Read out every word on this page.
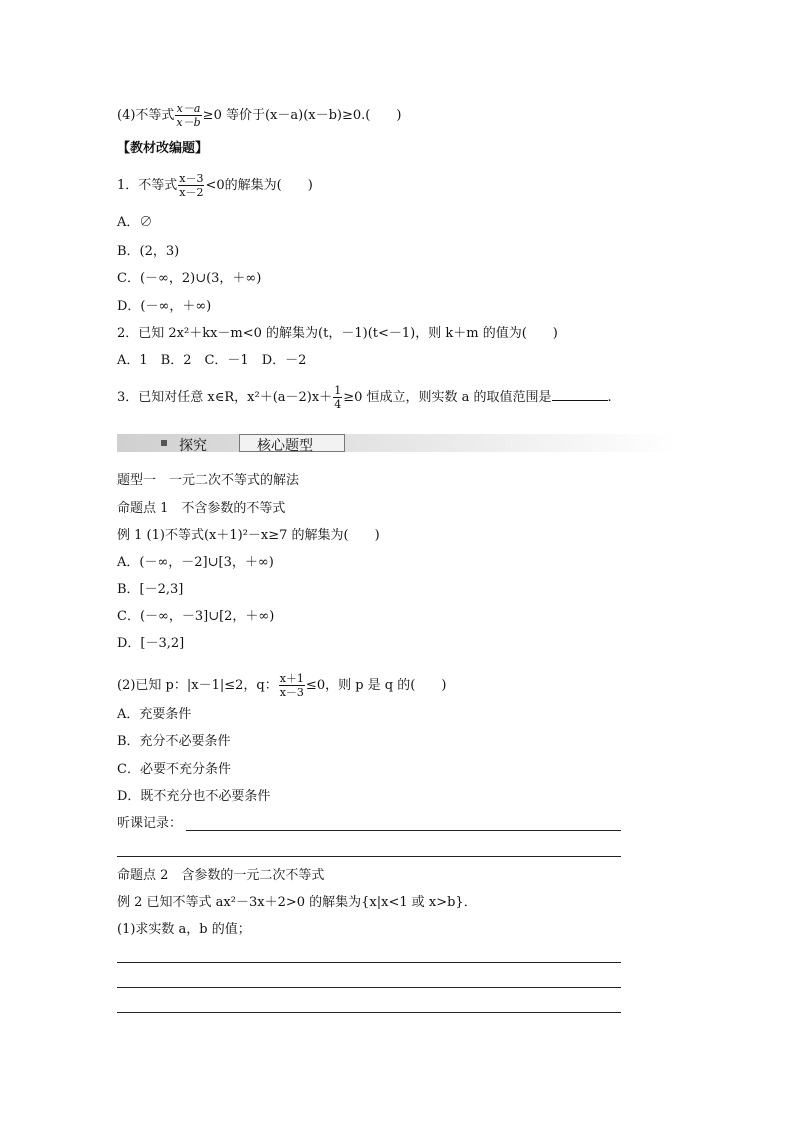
(4)不等式 $\frac{x-a}{x-b} \ge 0$ 等价于(x－a)(x－b)≥0.(　　)
【教材改编题】
1．不等式 $\frac{x-3}{x-2} <0$的解集为(　　)
A．∅
B．(2，3)
C．(－∞，2)∪(3，＋∞)
D．(－∞，＋∞)
2．已知 2x²＋kx－m<0 的解集为(t，－1)(t<－1)，则 k＋m 的值为(　　)
A．1　B．2　C．－1　D．－2
3．已知对任意 x∈R，$x^2+(a-2)x+ \frac{1}{4} \ge 0$ 恒成立，则实数 a 的取值范围是	.
探究	核心题型
题型一　一元二次不等式的解法
命题点 1　不含参数的不等式
例 1 (1)不等式(x＋1)²－x≥7 的解集为(　　)
A．(－∞，－2]∪[3，＋∞)
B．[－2,3]
C．(－∞，－3]∪[2，＋∞)
D．[－3,2]
(2)已知 p：|x－1|≤2，q： $\frac{x+1}{x-3} \le 0$，则 p 是 q 的(　　)
A．充要条件
B．充分不必要条件
C．必要不充分条件
D．既不充分也不必要条件
听课记录：
命题点 2　含参数的一元二次不等式
例 2 已知不等式 ax²－3x＋2>0 的解集为{x|x<1 或 x>b}．
(1)求实数 a，b 的值；
